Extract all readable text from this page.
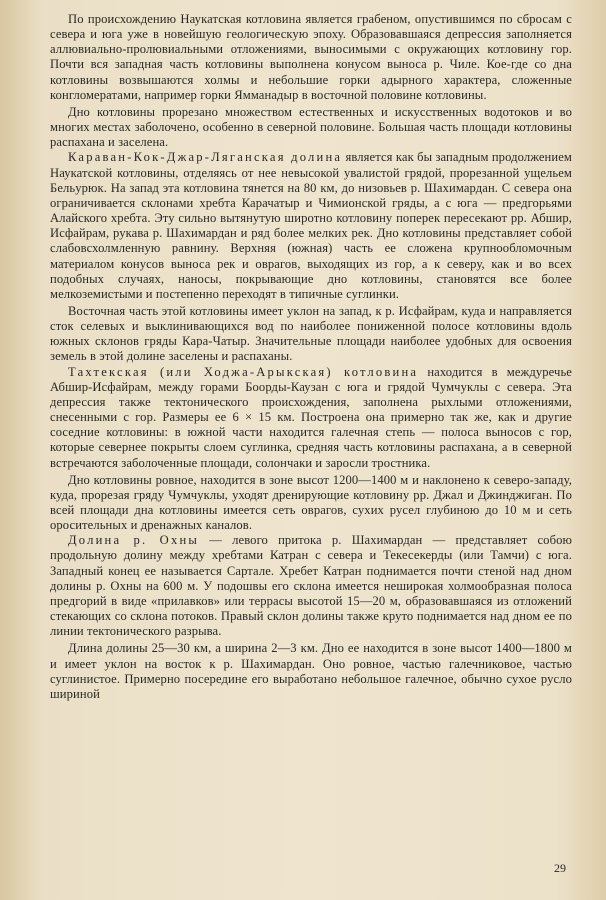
По происхождению Наукатская котловина является грабеном, опустившимся по сбросам с севера и юга уже в новейшую геологическую эпоху. Образовавшаяся депрессия заполняется аллювиально-пролювиальными отложениями, выносимыми с окружающих котловину гор. Почти вся западная часть котловины выполнена конусом выноса р. Чиле. Кое-где со дна котловины возвышаются холмы и небольшие горки адырного характера, сложенные конгломератами, например горки Ямманадыр в восточной половине котловины.

Дно котловины прорезано множеством естественных и искусственных водотоков и во многих местах заболочено, особенно в северной половине. Большая часть площади котловины распахана и заселена.

Караван-Кок-Джар-Ляганская долина является как бы западным продолжением Наукатской котловины, отделяясь от нее невысокой увалистой грядой, прорезанной ущельем Бельурюк. На запад эта котловина тянется на 80 км, до низовьев р. Шахимардан. С севера она ограничивается склонами хребта Карачатыр и Чимионской гряды, а с юга — предгорьями Алайского хребта. Эту сильно вытянутую широтно котловину поперек пересекают рр. Абшир, Исфайрам, рукава р. Шахимардан и ряд более мелких рек. Дно котловины представляет собой слабовсхолмленную равнину. Верхняя (южная) часть ее сложена крупнообломочным материалом конусов выноса рек и оврагов, выходящих из гор, а к северу, как и во всех подобных случаях, наносы, покрывающие дно котловины, становятся все более мелкоземистыми и постепенно переходят в типичные суглинки.

Восточная часть этой котловины имеет уклон на запад, к р. Исфайрам, куда и направляется сток селевых и выклинивающихся вод по наиболее пониженной полосе котловины вдоль южных склонов гряды Кара-Чатыр. Значительные площади наиболее удобных для освоения земель в этой долине заселены и распаханы.

Тахтекская (или Ходжа-Арыкская) котловина находится в междуречье Абшир-Исфайрам, между горами Боорды-Каузан с юга и грядой Чумчуклы с севера. Эта депрессия также тектонического происхождения, заполнена рыхлыми отложениями, снесенными с гор. Размеры ее 6 × 15 км. Построена она примерно так же, как и другие соседние котловины: в южной части находится галечная степь — полоса выносов с гор, которые севернее покрыты слоем суглинка, средняя часть котловины распахана, а в северной встречаются заболоченные площади, солончаки и заросли тростника.

Дно котловины ровное, находится в зоне высот 1200—1400 м и наклонено к северо-западу, куда, прорезая гряду Чумчуклы, уходят дренирующие котловину рр. Джал и Джинджиган. По всей площади дна котловины имеется сеть оврагов, сухих русел глубиною до 10 м и сеть оросительных и дренажных каналов.

Долина р. Охны — левого притока р. Шахимардан — представляет собою продольную долину между хребтами Катран с севера и Текесекерды (или Тамчи) с юга. Западный конец ее называется Сартале. Хребет Катран поднимается почти стеной над дном долины р. Охны на 600 м. У подошвы его склона имеется неширокая холмообразная полоса предгорий в виде «прилавков» или террасы высотой 15—20 м, образовавшаяся из отложений стекающих со склона потоков. Правый склон долины также круто поднимается над дном ее по линии тектонического разрыва.

Длина долины 25—30 км, а ширина 2—3 км. Дно ее находится в зоне высот 1400—1800 м и имеет уклон на восток к р. Шахимардан. Оно ровное, частью галечниковое, частью суглинистое. Примерно посередине его выработано небольшое галечное, обычно сухое русло шириной

29
